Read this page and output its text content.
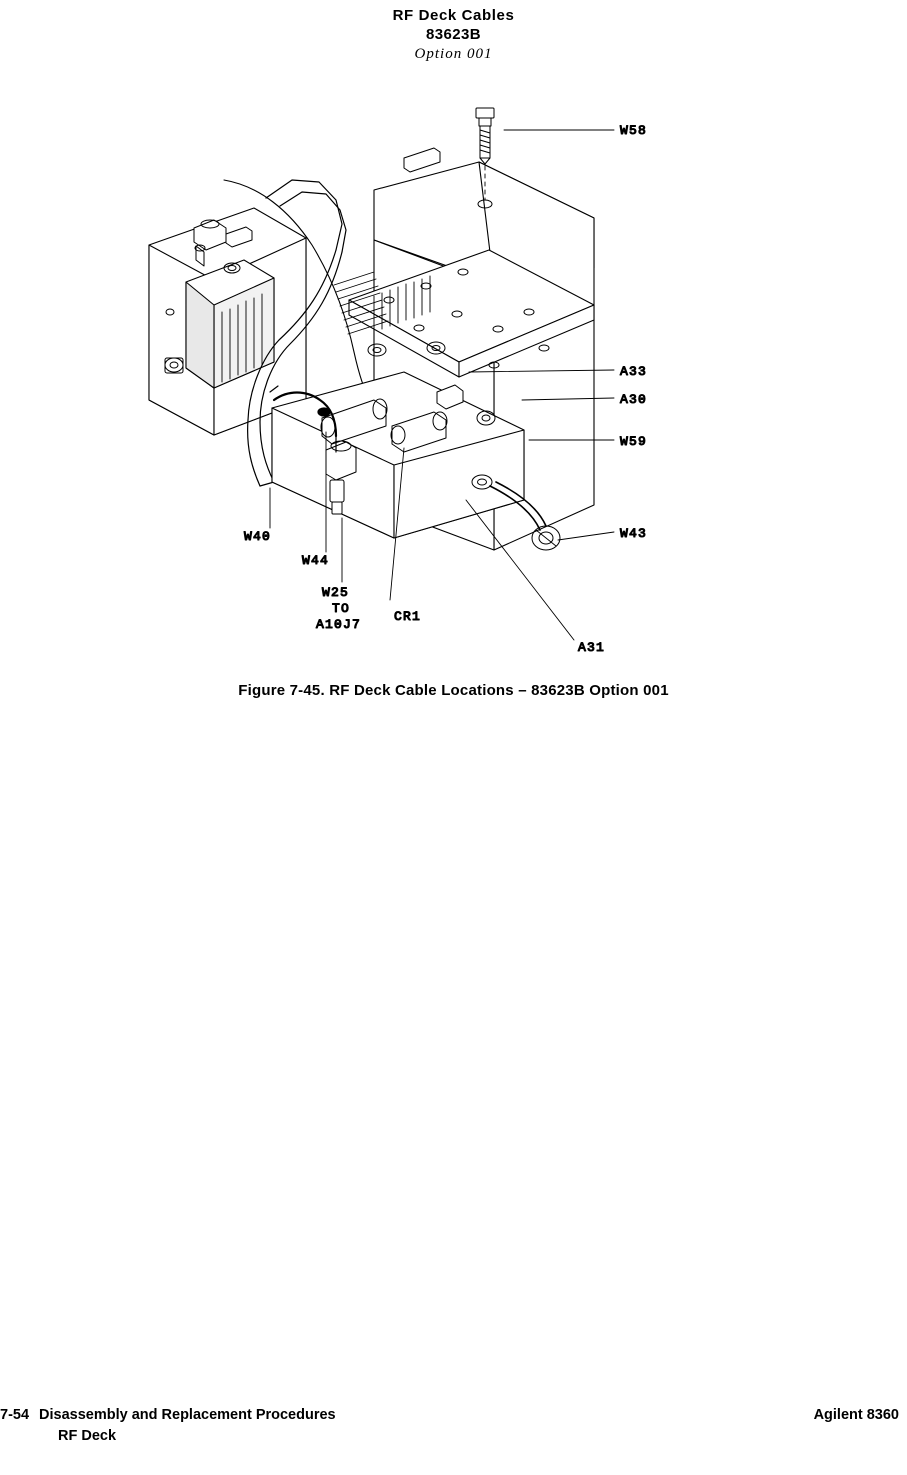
RF Deck Cables
83623B
Option 001
W58
A33
A30
W59
W43
A31
W40
W44
W25
TO
A10J7
CR1
Figure 7-45. RF Deck Cable Locations – 83623B Option 001
7-54 Disassembly and Replacement Procedures
RF Deck
Agilent 8360
